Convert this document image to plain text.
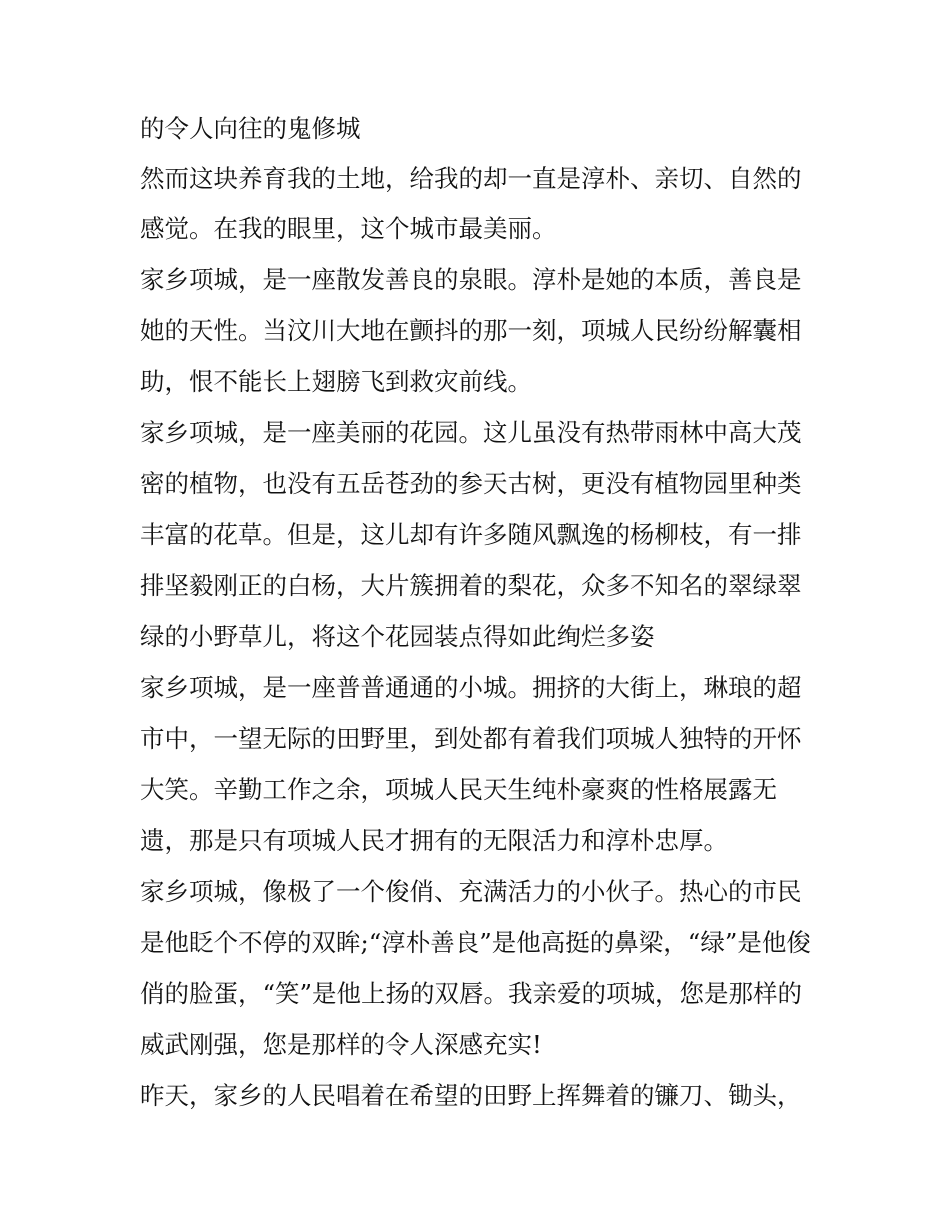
的令人向往的鬼修城
然而这块养育我的土地，给我的却一直是淳朴、亲切、自然的
感觉。在我的眼里，这个城市最美丽。
家乡项城，是一座散发善良的泉眼。淳朴是她的本质，善良是
她的天性。当汶川大地在颤抖的那一刻，项城人民纷纷解囊相
助，恨不能长上翅膀飞到救灾前线。
家乡项城，是一座美丽的花园。这儿虽没有热带雨林中高大茂
密的植物，也没有五岳苍劲的参天古树，更没有植物园里种类
丰富的花草。但是，这儿却有许多随风飘逸的杨柳枝，有一排
排坚毅刚正的白杨，大片簇拥着的梨花，众多不知名的翠绿翠
绿的小野草儿，将这个花园装点得如此绚烂多姿
家乡项城，是一座普普通通的小城。拥挤的大街上，琳琅的超
市中，一望无际的田野里，到处都有着我们项城人独特的开怀
大笑。辛勤工作之余，项城人民天生纯朴豪爽的性格展露无
遗，那是只有项城人民才拥有的无限活力和淳朴忠厚。
家乡项城，像极了一个俊俏、充满活力的小伙子。热心的市民
是他眨个不停的双眸;“淳朴善良”是他高挺的鼻梁，“绿”是他俊
俏的脸蛋，“笑”是他上扬的双唇。我亲爱的项城，您是那样的
威武刚强，您是那样的令人深感充实!
昨天，家乡的人民唱着在希望的田野上挥舞着的镰刀、锄头，
